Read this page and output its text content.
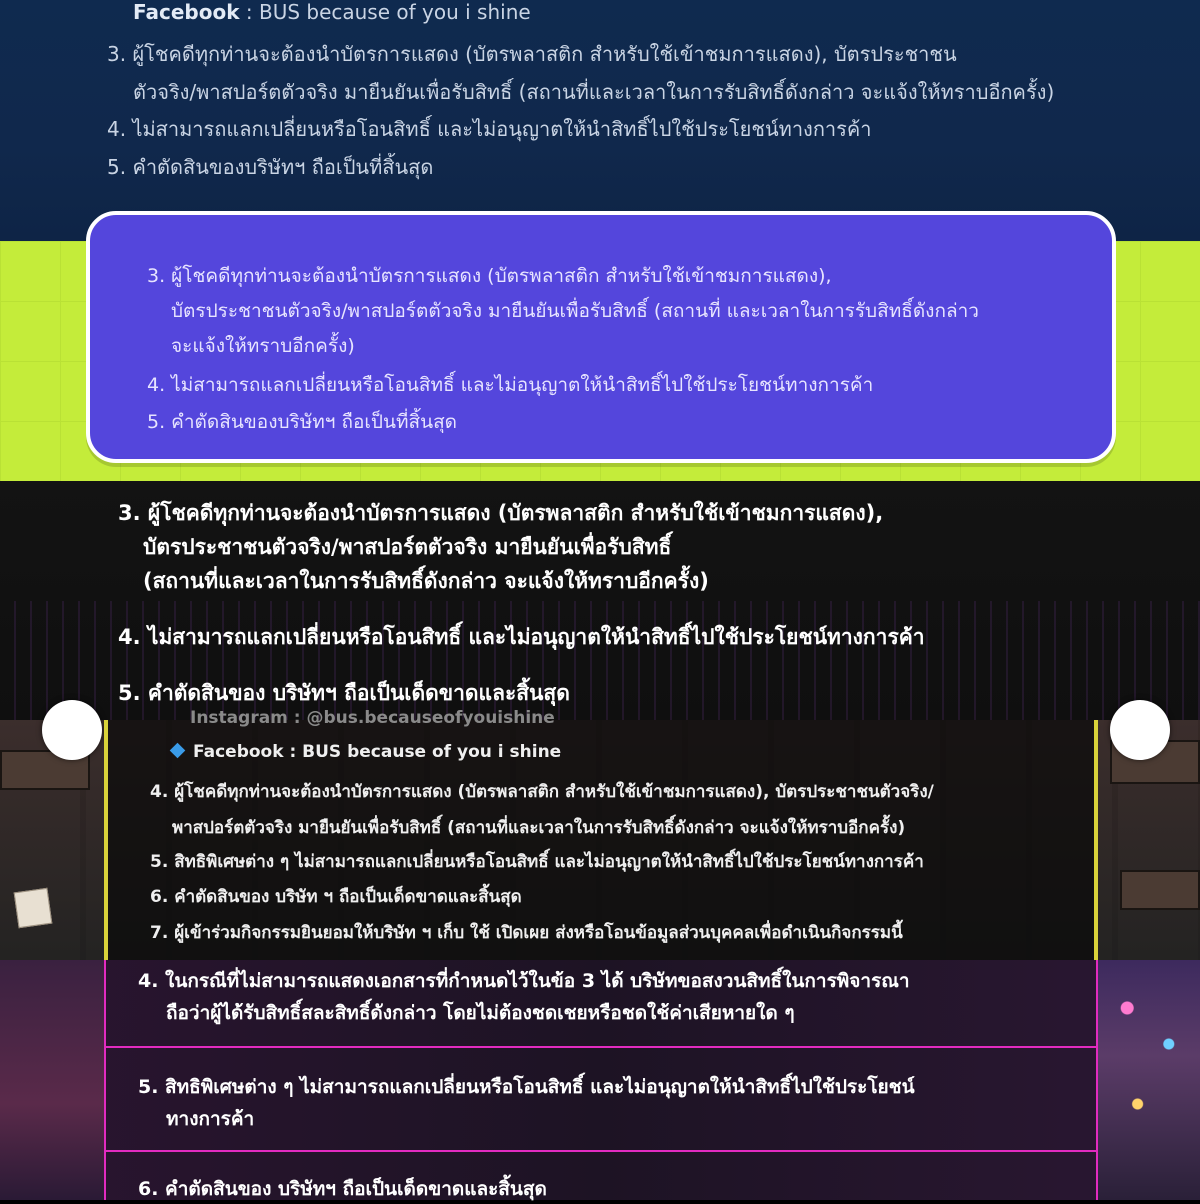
Facebook : BUS because of you i shine
3. ผู้โชคดีทุกท่านจะต้องนำบัตรการแสดง (บัตรพลาสติก สำหรับใช้เข้าชมการแสดง), บัตรประชาชน
ตัวจริง/พาสปอร์ตตัวจริง มายืนยันเพื่อรับสิทธิ์ (สถานที่และเวลาในการรับสิทธิ์ดังกล่าว จะแจ้งให้ทราบอีกครั้ง)
4. ไม่สามารถแลกเปลี่ยนหรือโอนสิทธิ์ และไม่อนุญาตให้นำสิทธิ์ไปใช้ประโยชน์ทางการค้า
5. คำตัดสินของบริษัทฯ ถือเป็นที่สิ้นสุด
3. ผู้โชคดีทุกท่านจะต้องนำบัตรการแสดง (บัตรพลาสติก สำหรับใช้เข้าชมการแสดง),
บัตรประชาชนตัวจริง/พาสปอร์ตตัวจริง มายืนยันเพื่อรับสิทธิ์ (สถานที่ และเวลาในการรับสิทธิ์ดังกล่าว
จะแจ้งให้ทราบอีกครั้ง)
4. ไม่สามารถแลกเปลี่ยนหรือโอนสิทธิ์ และไม่อนุญาตให้นำสิทธิ์ไปใช้ประโยชน์ทางการค้า
5. คำตัดสินของบริษัทฯ ถือเป็นที่สิ้นสุด
3. ผู้โชคดีทุกท่านจะต้องนำบัตรการแสดง (บัตรพลาสติก สำหรับใช้เข้าชมการแสดง),
บัตรประชาชนตัวจริง/พาสปอร์ตตัวจริง มายืนยันเพื่อรับสิทธิ์
(สถานที่และเวลาในการรับสิทธิ์ดังกล่าว จะแจ้งให้ทราบอีกครั้ง)
4. ไม่สามารถแลกเปลี่ยนหรือโอนสิทธิ์ และไม่อนุญาตให้นำสิทธิ์ไปใช้ประโยชน์ทางการค้า
5. คำตัดสินของ บริษัทฯ ถือเป็นเด็ดขาดและสิ้นสุด
Instagram : @bus.becauseofyouishine
Facebook : BUS because of you i shine
4. ผู้โชคดีทุกท่านจะต้องนำบัตรการแสดง (บัตรพลาสติก สำหรับใช้เข้าชมการแสดง), บัตรประชาชนตัวจริง/
พาสปอร์ตตัวจริง มายืนยันเพื่อรับสิทธิ์ (สถานที่และเวลาในการรับสิทธิ์ดังกล่าว จะแจ้งให้ทราบอีกครั้ง)
5. สิทธิพิเศษต่าง ๆ ไม่สามารถแลกเปลี่ยนหรือโอนสิทธิ์ และไม่อนุญาตให้นำสิทธิ์ไปใช้ประโยชน์ทางการค้า
6. คำตัดสินของ บริษัท ฯ ถือเป็นเด็ดขาดและสิ้นสุด
7. ผู้เข้าร่วมกิจกรรมยินยอมให้บริษัท ฯ เก็บ ใช้ เปิดเผย ส่งหรือโอนข้อมูลส่วนบุคคลเพื่อดำเนินกิจกรรมนี้
4. ในกรณีที่ไม่สามารถแสดงเอกสารที่กำหนดไว้ในข้อ 3 ได้ บริษัทขอสงวนสิทธิ์ในการพิจารณา
ถือว่าผู้ได้รับสิทธิ์สละสิทธิ์ดังกล่าว โดยไม่ต้องชดเชยหรือชดใช้ค่าเสียหายใด ๆ
5. สิทธิพิเศษต่าง ๆ ไม่สามารถแลกเปลี่ยนหรือโอนสิทธิ์ และไม่อนุญาตให้นำสิทธิ์ไปใช้ประโยชน์
ทางการค้า
6. คำตัดสินของ บริษัทฯ ถือเป็นเด็ดขาดและสิ้นสุด
